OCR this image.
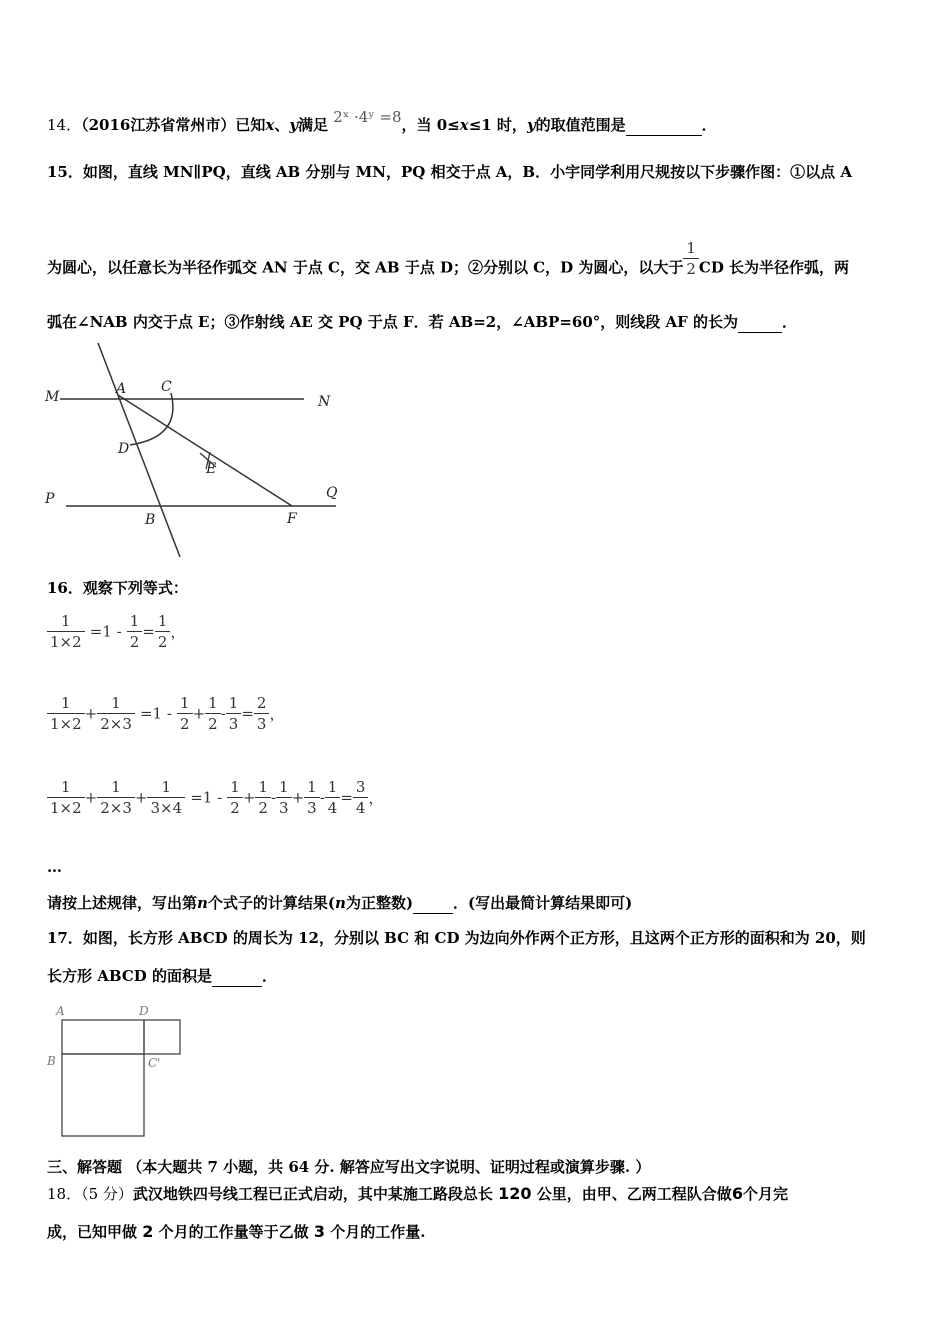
14．（2016江苏省常州市）已知x、y满足 2ˣ ·4ʸ =8，当 0≤x≤1 时，y的取值范围是	．
15．如图，直线 MN∥PQ，直线 AB 分别与 MN，PQ 相交于点 A，B．小宇同学利用尺规按以下步骤作图：①以点 A
为圆心，以任意长为半径作弧交 AN 于点 C，交 AB 于点 D；②分别以 C，D 为圆心，以大于 $\frac{1}{2}$ CD 长为半径作弧，两
弧在∠NAB 内交于点 E；③作射线 AE 交 PQ 于点 F．若 AB=2，∠ABP=60°，则线段 AF 的长为	．
M	A C
N
D
E
P	Q
B	F
16．观察下列等式：
$\frac{1}{1\times 2} =1 - \frac{1}{2} = \frac{1}{2}$ ，
$\frac{1}{1\times 2} + \frac{1}{2\times 3} =1 - \frac{1}{2} + \frac{1}{2} - \frac{1}{3} = \frac{2}{3}$ ，
$\frac{1}{1\times 2} + \frac{1}{2\times 3} + \frac{1}{3\times 4} =1 - \frac{1}{2} + \frac{1}{2} - \frac{1}{3} + \frac{1}{3} - \frac{1}{4} = \frac{3}{4}$ ，
…
请按上述规律，写出第n个式子的计算结果(n为正整数)	．(写出最简计算结果即可)
17．如图，长方形 ABCD 的周长为 12，分别以 BC 和 CD 为边向外作两个正方形，且这两个正方形的面积和为 20，则
长方形 ABCD 的面积是	．
A	D
B	C'
三、解答题 （本大题共 7 小题，共 64 分. 解答应写出文字说明、证明过程或演算步骤. ）
18．（5 分）武汉地铁四号线工程已正式启动，其中某施工路段总长 120 公里，由甲、乙两工程队合做6个月完
成，已知甲做 2 个月的工作量等于乙做 3 个月的工作量.
